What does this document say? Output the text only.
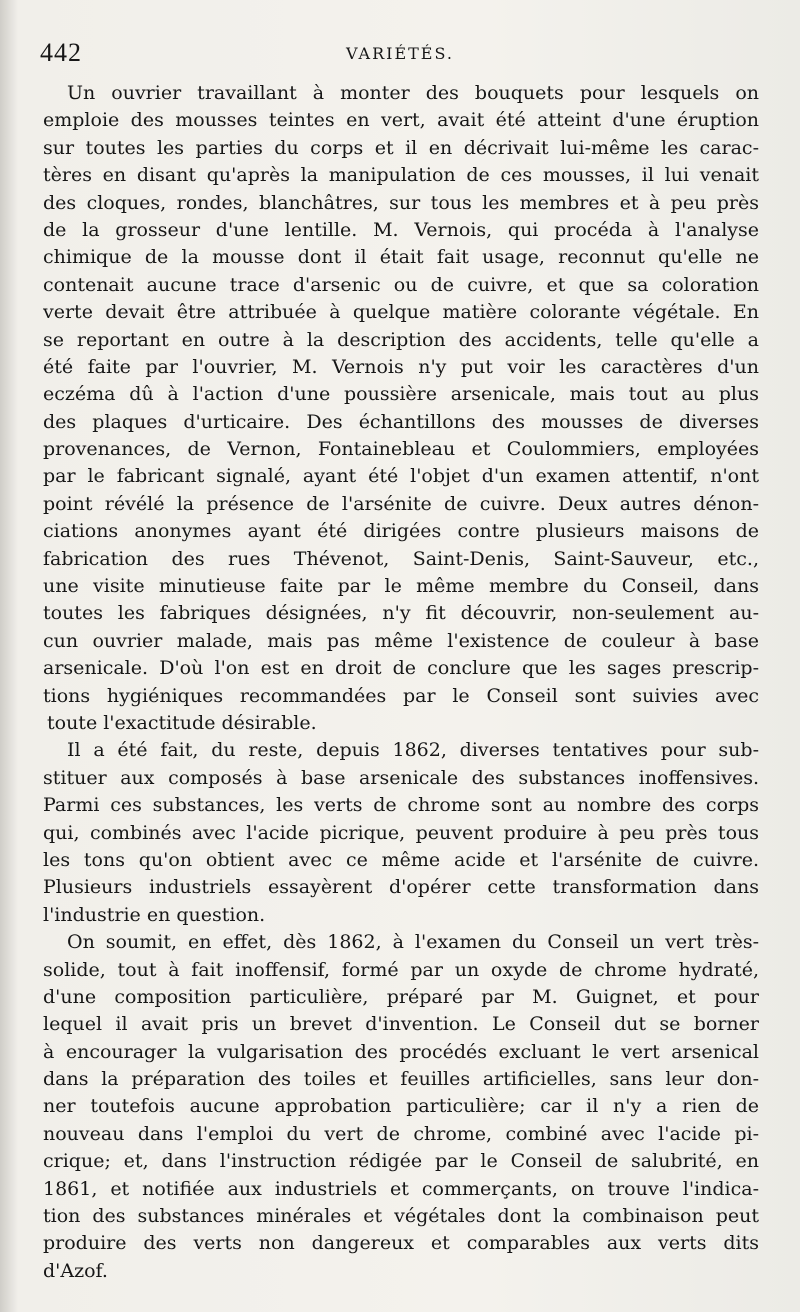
442	VARIÉTÉS.
Un ouvrier travaillant à monter des bouquets pour lesquels on
emploie des mousses teintes en vert, avait été atteint d'une éruption
sur toutes les parties du corps et il en décrivait lui-même les carac-
tères en disant qu'après la manipulation de ces mousses, il lui venait
des cloques, rondes, blanchâtres, sur tous les membres et à peu près
de la grosseur d'une lentille. M. Vernois, qui procéda à l'analyse
chimique de la mousse dont il était fait usage, reconnut qu'elle ne
contenait aucune trace d'arsenic ou de cuivre, et que sa coloration
verte devait être attribuée à quelque matière colorante végétale. En
se reportant en outre à la description des accidents, telle qu'elle a
été faite par l'ouvrier, M. Vernois n'y put voir les caractères d'un
eczéma dû à l'action d'une poussière arsenicale, mais tout au plus
des plaques d'urticaire. Des échantillons des mousses de diverses
provenances, de Vernon, Fontainebleau et Coulommiers, employées
par le fabricant signalé, ayant été l'objet d'un examen attentif, n'ont
point révélé la présence de l'arsénite de cuivre. Deux autres dénon-
ciations anonymes ayant été dirigées contre plusieurs maisons de
fabrication des rues Thévenot, Saint-Denis, Saint-Sauveur, etc.,
une visite minutieuse faite par le même membre du Conseil, dans
toutes les fabriques désignées, n'y fit découvrir, non-seulement au-
cun ouvrier malade, mais pas même l'existence de couleur à base
arsenicale. D'où l'on est en droit de conclure que les sages prescrip-
tions hygiéniques recommandées par le Conseil sont suivies avec
toute l'exactitude désirable.
Il a été fait, du reste, depuis 1862, diverses tentatives pour sub-
stituer aux composés à base arsenicale des substances inoffensives.
Parmi ces substances, les verts de chrome sont au nombre des corps
qui, combinés avec l'acide picrique, peuvent produire à peu près tous
les tons qu'on obtient avec ce même acide et l'arsénite de cuivre.
Plusieurs industriels essayèrent d'opérer cette transformation dans
l'industrie en question.
On soumit, en effet, dès 1862, à l'examen du Conseil un vert très-
solide, tout à fait inoffensif, formé par un oxyde de chrome hydraté,
d'une composition particulière, préparé par M. Guignet, et pour
lequel il avait pris un brevet d'invention. Le Conseil dut se borner
à encourager la vulgarisation des procédés excluant le vert arsenical
dans la préparation des toiles et feuilles artificielles, sans leur don-
ner toutefois aucune approbation particulière; car il n'y a rien de
nouveau dans l'emploi du vert de chrome, combiné avec l'acide pi-
crique; et, dans l'instruction rédigée par le Conseil de salubrité, en
1861, et notifiée aux industriels et commerçants, on trouve l'indica-
tion des substances minérales et végétales dont la combinaison peut
produire des verts non dangereux et comparables aux verts dits
d'Azof.
